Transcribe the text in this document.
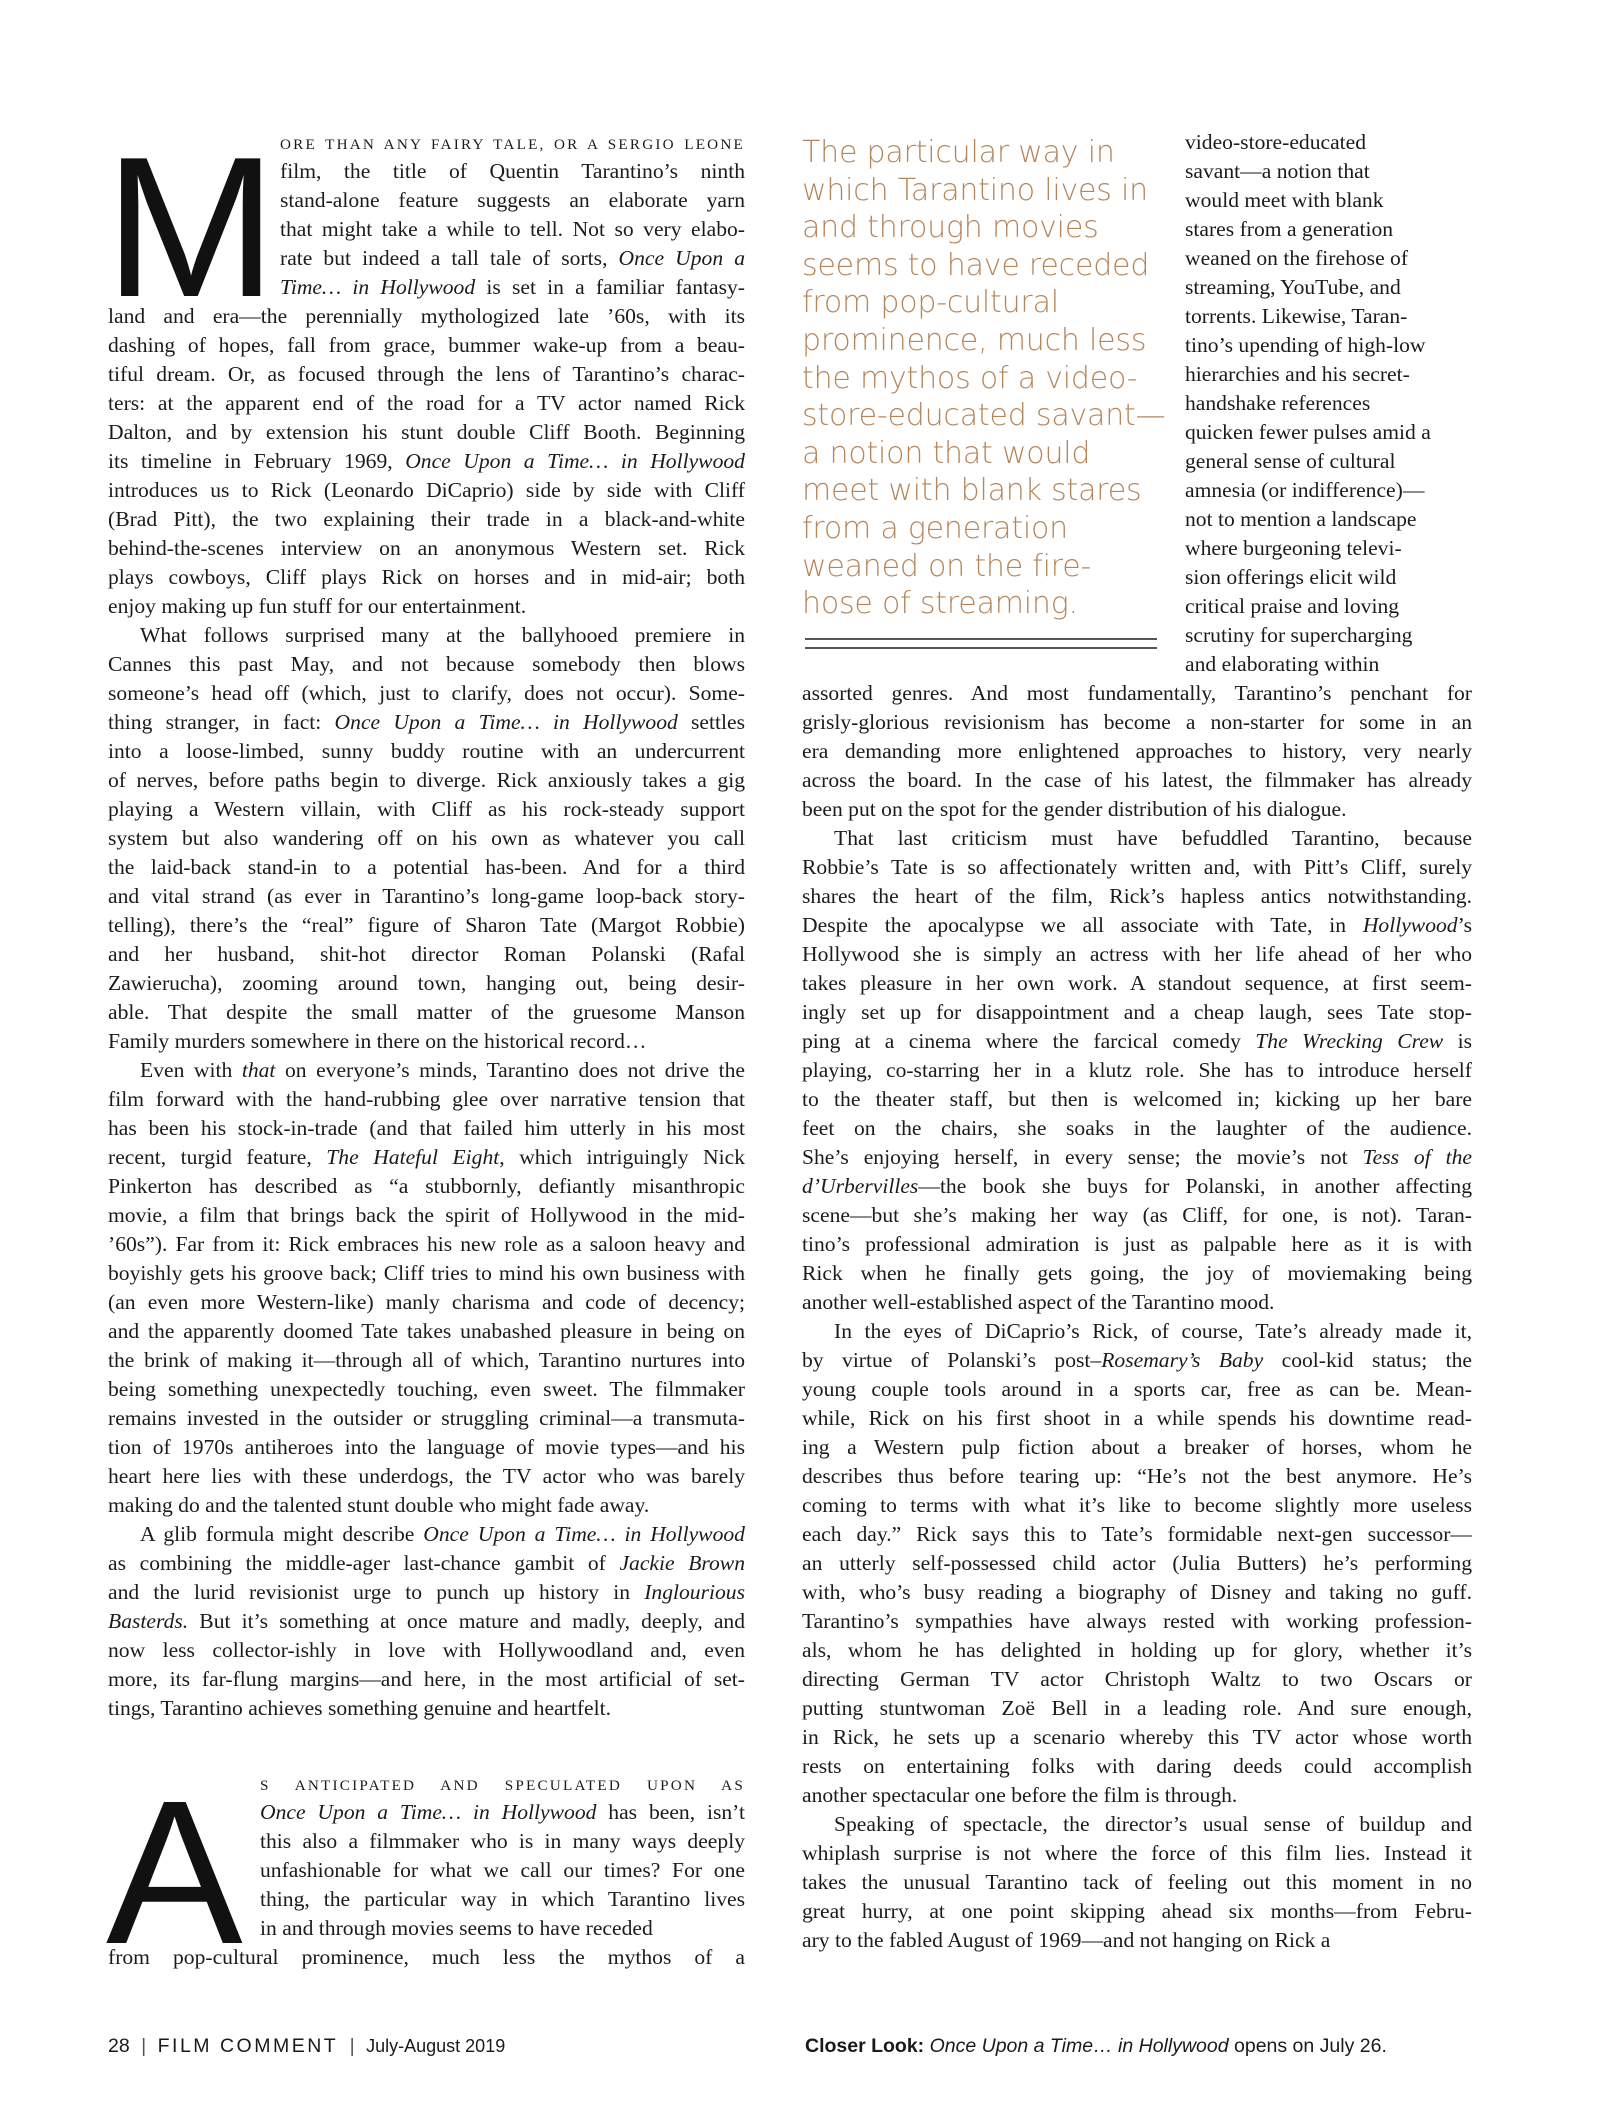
M
A
ORE THAN ANY FAIRY TALE, OR A SERGIO LEONE
film, the title of Quentin Tarantino’s ninth
stand-alone feature suggests an elaborate yarn
that might take a while to tell. Not so very elabo-
rate but indeed a tall tale of sorts, Once Upon a
Time… in Hollywood is set in a familiar fantasy-
land and era—the perennially mythologized late ’60s, with its
dashing of hopes, fall from grace, bummer wake-up from a beau-
tiful dream. Or, as focused through the lens of Tarantino’s charac-
ters: at the apparent end of the road for a TV actor named Rick
Dalton, and by extension his stunt double Cliff Booth. Beginning
its timeline in February 1969, Once Upon a Time… in Hollywood
introduces us to Rick (Leonardo DiCaprio) side by side with Cliff
(Brad Pitt), the two explaining their trade in a black-and-white
behind-the-scenes interview on an anonymous Western set. Rick
plays cowboys, Cliff plays Rick on horses and in mid-air; both
enjoy making up fun stuff for our entertainment.
What follows surprised many at the ballyhooed premiere in
Cannes this past May, and not because somebody then blows
someone’s head off (which, just to clarify, does not occur). Some-
thing stranger, in fact: Once Upon a Time… in Hollywood settles
into a loose-limbed, sunny buddy routine with an undercurrent
of nerves, before paths begin to diverge. Rick anxiously takes a gig
playing a Western villain, with Cliff as his rock-steady support
system but also wandering off on his own as whatever you call
the laid-back stand-in to a potential has-been. And for a third
and vital strand (as ever in Tarantino’s long-game loop-back story-
telling), there’s the “real” figure of Sharon Tate (Margot Robbie)
and her husband, shit-hot director Roman Polanski (Rafal
Zawierucha), zooming around town, hanging out, being desir-
able. That despite the small matter of the gruesome Manson
Family murders somewhere in there on the historical record…
Even with that on everyone’s minds, Tarantino does not drive the
film forward with the hand-rubbing glee over narrative tension that
has been his stock-in-trade (and that failed him utterly in his most
recent, turgid feature, The Hateful Eight, which intriguingly Nick
Pinkerton has described as “a stubbornly, defiantly misanthropic
movie, a film that brings back the spirit of Hollywood in the mid-
’60s”). Far from it: Rick embraces his new role as a saloon heavy and
boyishly gets his groove back; Cliff tries to mind his own business with
(an even more Western-like) manly charisma and code of decency;
and the apparently doomed Tate takes unabashed pleasure in being on
the brink of making it—through all of which, Tarantino nurtures into
being something unexpectedly touching, even sweet. The filmmaker
remains invested in the outsider or struggling criminal—a transmuta-
tion of 1970s antiheroes into the language of movie types—and his
heart here lies with these underdogs, the TV actor who was barely
making do and the talented stunt double who might fade away.
A glib formula might describe Once Upon a Time… in Hollywood
as combining the middle-ager last-chance gambit of Jackie Brown
and the lurid revisionist urge to punch up history in Inglourious
Basterds. But it’s something at once mature and madly, deeply, and
now less collector-ishly in love with Hollywoodland and, even
more, its far-flung margins—and here, in the most artificial of set-
tings, Tarantino achieves something genuine and heartfelt.
S ANTICIPATED AND SPECULATED UPON AS
Once Upon a Time… in Hollywood has been, isn’t
this also a filmmaker who is in many ways deeply
unfashionable for what we call our times? For one
thing, the particular way in which Tarantino lives
in and through movies seems to have receded
from pop-cultural prominence, much less the mythos of a
The particular way in
which Tarantino lives in
and through movies
seems to have receded
from pop-cultural
prominence, much less
the mythos of a video-
store-educated savant—
a notion that would
meet with blank stares
from a generation
weaned on the fire-
hose of streaming.
video-store-educated
savant—a notion that
would meet with blank
stares from a generation
weaned on the firehose of
streaming, YouTube, and
torrents. Likewise, Taran-
tino’s upending of high-low
hierarchies and his secret-
handshake references
quicken fewer pulses amid a
general sense of cultural
amnesia (or indifference)—
not to mention a landscape
where burgeoning televi-
sion offerings elicit wild
critical praise and loving
scrutiny for supercharging
and elaborating within
assorted genres. And most fundamentally, Tarantino’s penchant for
grisly-glorious revisionism has become a non-starter for some in an
era demanding more enlightened approaches to history, very nearly
across the board. In the case of his latest, the filmmaker has already
been put on the spot for the gender distribution of his dialogue.
That last criticism must have befuddled Tarantino, because
Robbie’s Tate is so affectionately written and, with Pitt’s Cliff, surely
shares the heart of the film, Rick’s hapless antics notwithstanding.
Despite the apocalypse we all associate with Tate, in Hollywood’s
Hollywood she is simply an actress with her life ahead of her who
takes pleasure in her own work. A standout sequence, at first seem-
ingly set up for disappointment and a cheap laugh, sees Tate stop-
ping at a cinema where the farcical comedy The Wrecking Crew is
playing, co-starring her in a klutz role. She has to introduce herself
to the theater staff, but then is welcomed in; kicking up her bare
feet on the chairs, she soaks in the laughter of the audience.
She’s enjoying herself, in every sense; the movie’s not Tess of the
d’Urbervilles—the book she buys for Polanski, in another affecting
scene—but she’s making her way (as Cliff, for one, is not). Taran-
tino’s professional admiration is just as palpable here as it is with
Rick when he finally gets going, the joy of moviemaking being
another well-established aspect of the Tarantino mood.
In the eyes of DiCaprio’s Rick, of course, Tate’s already made it,
by virtue of Polanski’s post–Rosemary’s Baby cool-kid status; the
young couple tools around in a sports car, free as can be. Mean-
while, Rick on his first shoot in a while spends his downtime read-
ing a Western pulp fiction about a breaker of horses, whom he
describes thus before tearing up: “He’s not the best anymore. He’s
coming to terms with what it’s like to become slightly more useless
each day.” Rick says this to Tate’s formidable next-gen successor—
an utterly self-possessed child actor (Julia Butters) he’s performing
with, who’s busy reading a biography of Disney and taking no guff.
Tarantino’s sympathies have always rested with working profession-
als, whom he has delighted in holding up for glory, whether it’s
directing German TV actor Christoph Waltz to two Oscars or
putting stuntwoman Zoë Bell in a leading role. And sure enough,
in Rick, he sets up a scenario whereby this TV actor whose worth
rests on entertaining folks with daring deeds could accomplish
another spectacular one before the film is through.
Speaking of spectacle, the director’s usual sense of buildup and
whiplash surprise is not where the force of this film lies. Instead it
takes the unusual Tarantino tack of feeling out this moment in no
great hurry, at one point skipping ahead six months—from Febru-
ary to the fabled August of 1969—and not hanging on Rick a
28 | FILM COMMENT | July-August 2019	Closer Look: Once Upon a Time… in Hollywood opens on July 26.
